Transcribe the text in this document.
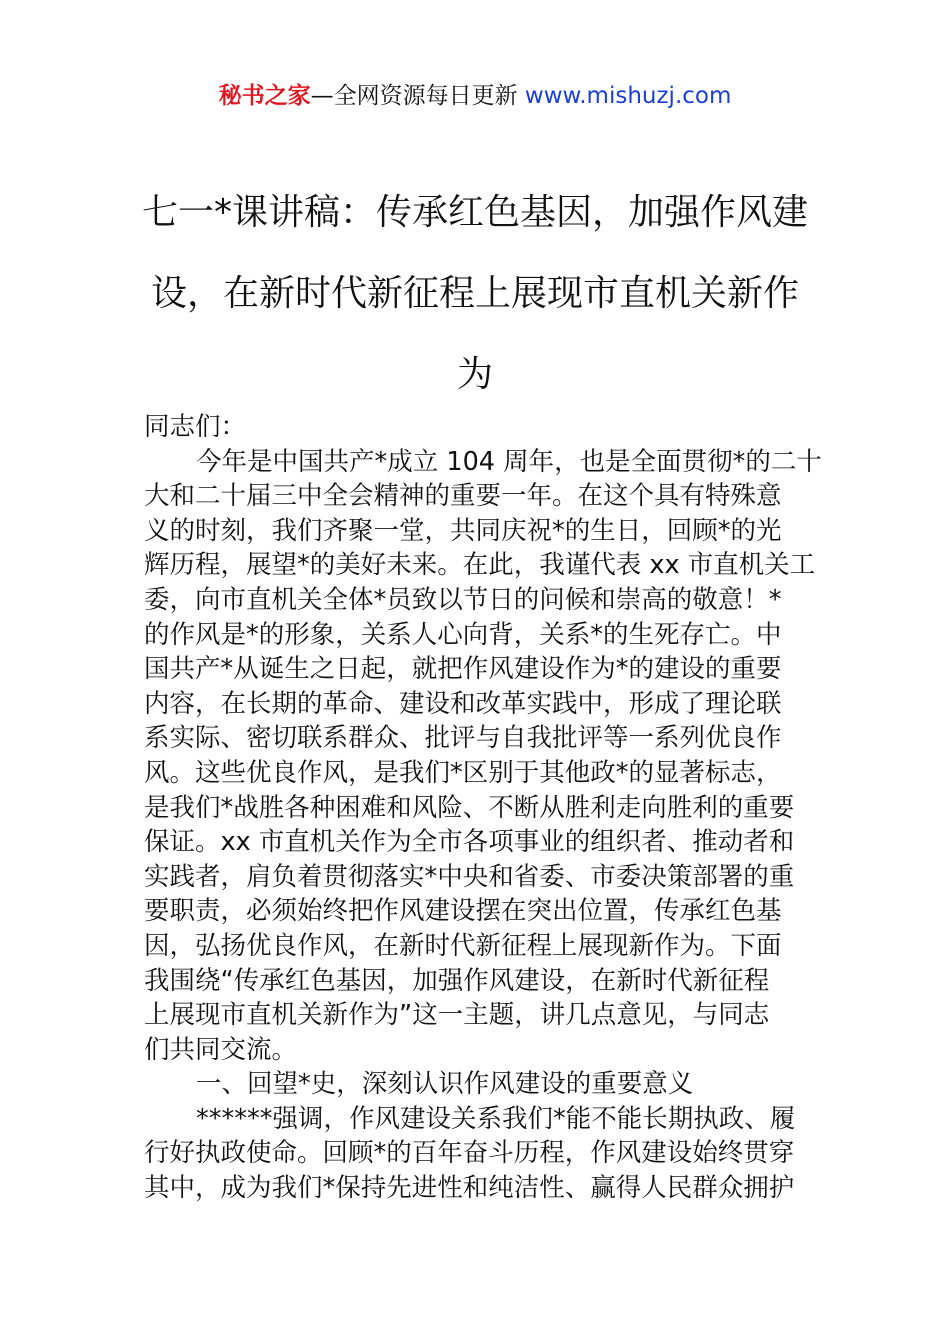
秘书之家—全网资源每日更新 www.mishuzj.com
七一*课讲稿：传承红色基因，加强作风建
设，在新时代新征程上展现市直机关新作
为

同志们：

今年是中国共产*成立 104 周年，也是全面贯彻*的二十
大和二十届三中全会精神的重要一年。在这个具有特殊意
义的时刻，我们齐聚一堂，共同庆祝*的生日，回顾*的光
辉历程，展望*的美好未来。在此，我谨代表 xx 市直机关工
委，向市直机关全体*员致以节日的问候和崇高的敬意！*
的作风是*的形象，关系人心向背，关系*的生死存亡。中
国共产*从诞生之日起，就把作风建设作为*的建设的重要
内容，在长期的革命、建设和改革实践中，形成了理论联
系实际、密切联系群众、批评与自我批评等一系列优良作
风。这些优良作风，是我们*区别于其他政*的显著标志，
是我们*战胜各种困难和风险、不断从胜利走向胜利的重要
保证。xx 市直机关作为全市各项事业的组织者、推动者和
实践者，肩负着贯彻落实*中央和省委、市委决策部署的重
要职责，必须始终把作风建设摆在突出位置，传承红色基
因，弘扬优良作风，在新时代新征程上展现新作为。下面
我围绕“传承红色基因，加强作风建设，在新时代新征程
上展现市直机关新作为”这一主题，讲几点意见，与同志
们共同交流。

一、回望*史，深刻认识作风建设的重要意义

******强调，作风建设关系我们*能不能长期执政、履
行好执政使命。回顾*的百年奋斗历程，作风建设始终贯穿
其中，成为我们*保持先进性和纯洁性、赢得人民群众拥护
